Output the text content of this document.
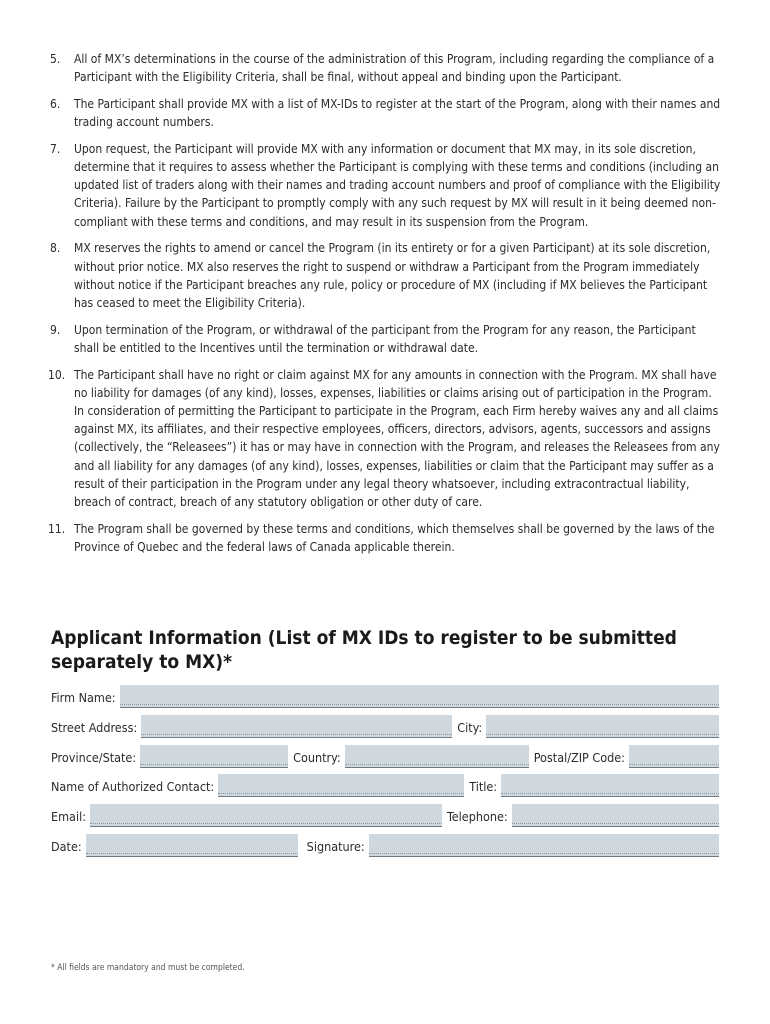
5. All of MX’s determinations in the course of the administration of this Program, including regarding the compliance of a Participant with the Eligibility Criteria, shall be final, without appeal and binding upon the Participant.
6. The Participant shall provide MX with a list of MX-IDs to register at the start of the Program, along with their names and trading account numbers.
7. Upon request, the Participant will provide MX with any information or document that MX may, in its sole discretion, determine that it requires to assess whether the Participant is complying with these terms and conditions (including an updated list of traders along with their names and trading account numbers and proof of compliance with the Eligibility Criteria). Failure by the Participant to promptly comply with any such request by MX will result in it being deemed non-compliant with these terms and conditions, and may result in its suspension from the Program.
8. MX reserves the rights to amend or cancel the Program (in its entirety or for a given Participant) at its sole discretion, without prior notice. MX also reserves the right to suspend or withdraw a Participant from the Program immediately without notice if the Participant breaches any rule, policy or procedure of MX (including if MX believes the Participant has ceased to meet the Eligibility Criteria).
9. Upon termination of the Program, or withdrawal of the participant from the Program for any reason, the Participant shall be entitled to the Incentives until the termination or withdrawal date.
10. The Participant shall have no right or claim against MX for any amounts in connection with the Program. MX shall have no liability for damages (of any kind), losses, expenses, liabilities or claims arising out of participation in the Program. In consideration of permitting the Participant to participate in the Program, each Firm hereby waives any and all claims against MX, its affiliates, and their respective employees, officers, directors, advisors, agents, successors and assigns (collectively, the “Releasees”) it has or may have in connection with the Program, and releases the Releasees from any and all liability for any damages (of any kind), losses, expenses, liabilities or claim that the Participant may suffer as a result of their participation in the Program under any legal theory whatsoever, including extracontractual liability, breach of contract, breach of any statutory obligation or other duty of care.
11. The Program shall be governed by these terms and conditions, which themselves shall be governed by the laws of the Province of Quebec and the federal laws of Canada applicable therein.
Applicant Information (List of MX IDs to register to be submitted separately to MX)*
Firm Name:
Street Address:	City:
Province/State:	Country:	Postal/ZIP Code:
Name of Authorized Contact:	Title:
Email:	Telephone:
Date:	Signature:
* All fields are mandatory and must be completed.
